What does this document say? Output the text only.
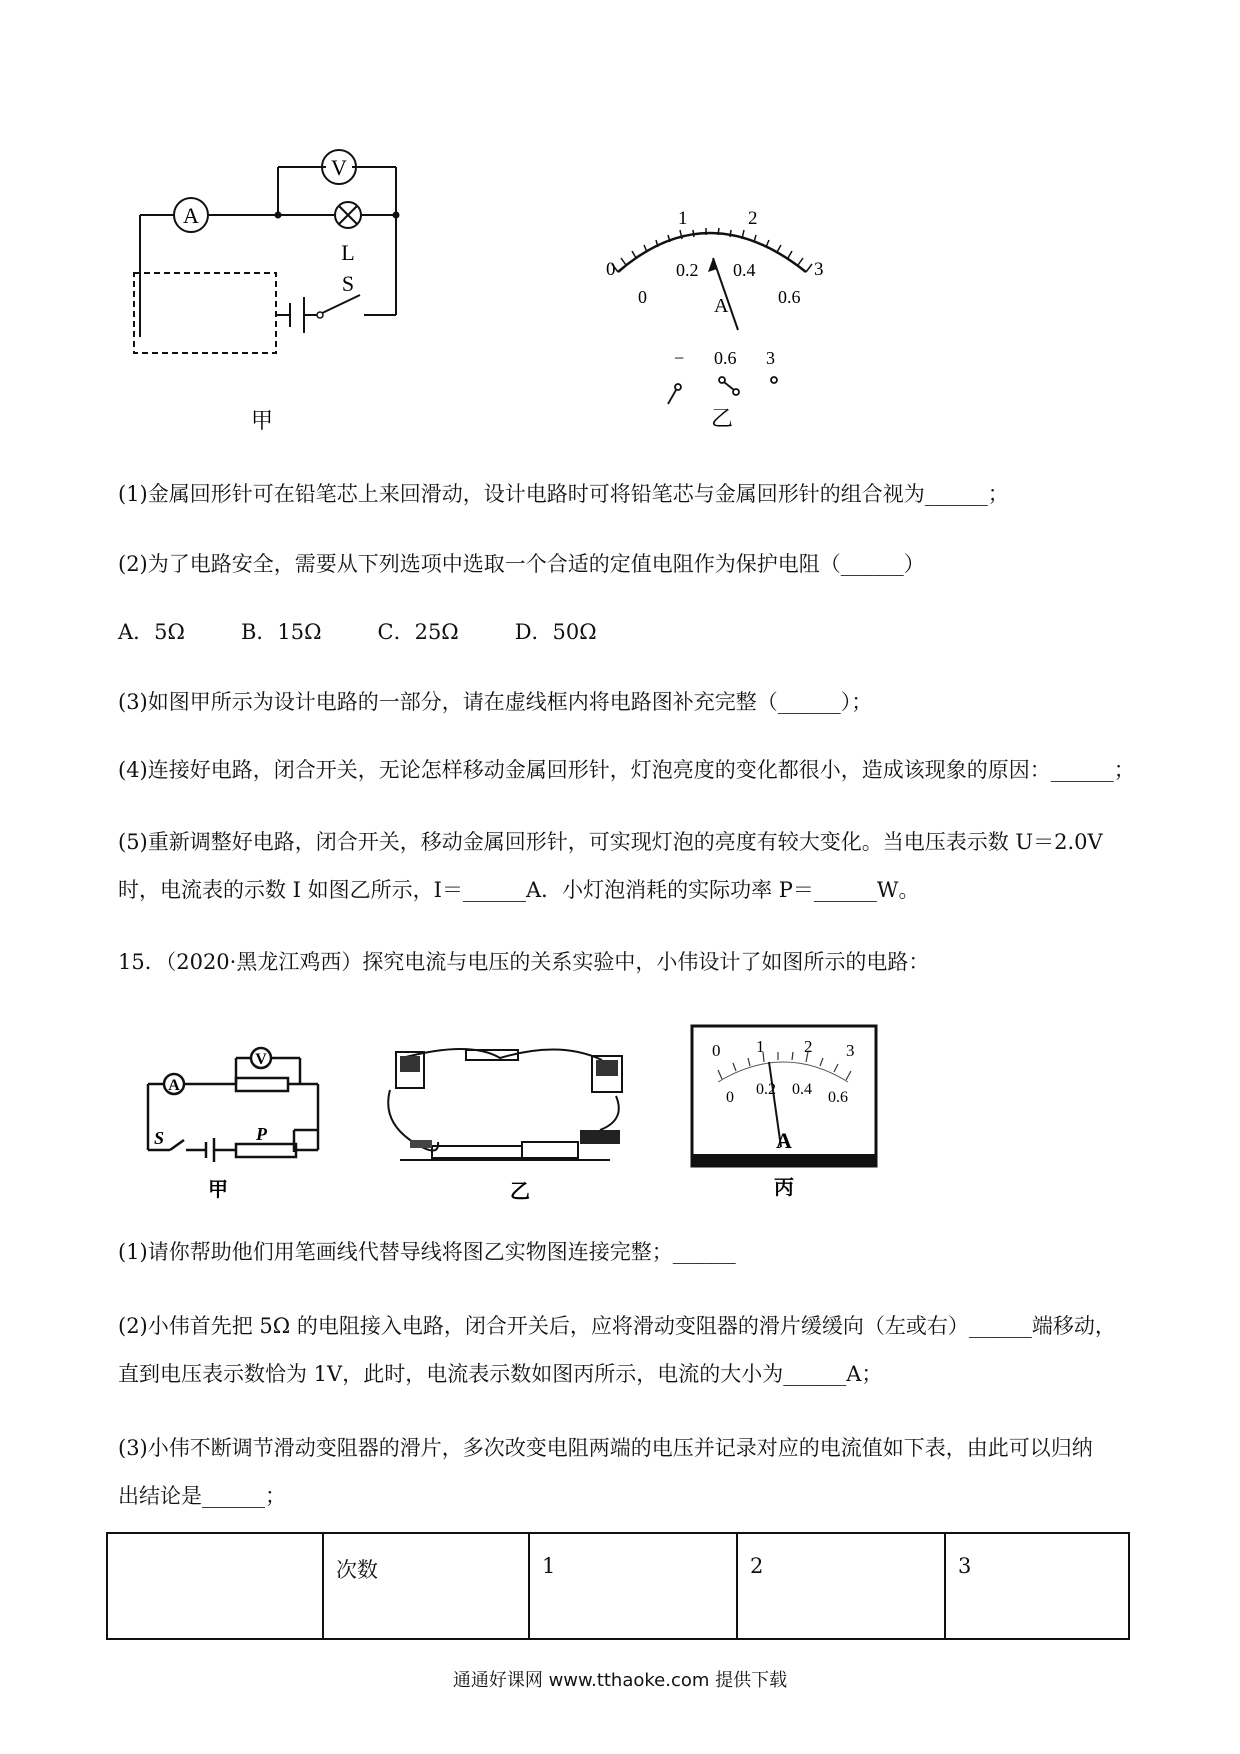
A
V
L
S
甲
0
1	2
3
0
0.2 0.4
0.6
A
− 0.6 3
乙
(1)金属回形针可在铅笔芯上来回滑动，设计电路时可将铅笔芯与金属回形针的组合视为______；
(2)为了电路安全，需要从下列选项中选取一个合适的定值电阻作为保护电阻（______）
A．5Ω	B．15Ω	C．25Ω	D．50Ω
(3)如图甲所示为设计电路的一部分，请在虚线框内将电路图补充完整（______）；
(4)连接好电路，闭合开关，无论怎样移动金属回形针，灯泡亮度的变化都很小，造成该现象的原因：______；
(5)重新调整好电路，闭合开关，移动金属回形针，可实现灯泡的亮度有较大变化。当电压表示数 U＝2.0V
时，电流表的示数 I 如图乙所示，I＝______A．小灯泡消耗的实际功率 P＝______W。
15．（2020·黑龙江鸡西）探究电流与电压的关系实验中，小伟设计了如图所示的电路：
A
V
S	P
甲	乙
0 1 2 3
0 0.2 0.4 0.6
A
丙
(1)请你帮助他们用笔画线代替导线将图乙实物图连接完整；______
(2)小伟首先把 5Ω 的电阻接入电路，闭合开关后，应将滑动变阻器的滑片缓缓向（左或右）______端移动，
直到电压表示数恰为 1V，此时，电流表示数如图丙所示，电流的大小为______A；
(3)小伟不断调节滑动变阻器的滑片，多次改变电阻两端的电压并记录对应的电流值如下表，由此可以归纳
出结论是______；
	次数	1	2	3
通通好课网 www.tthaoke.com 提供下载
